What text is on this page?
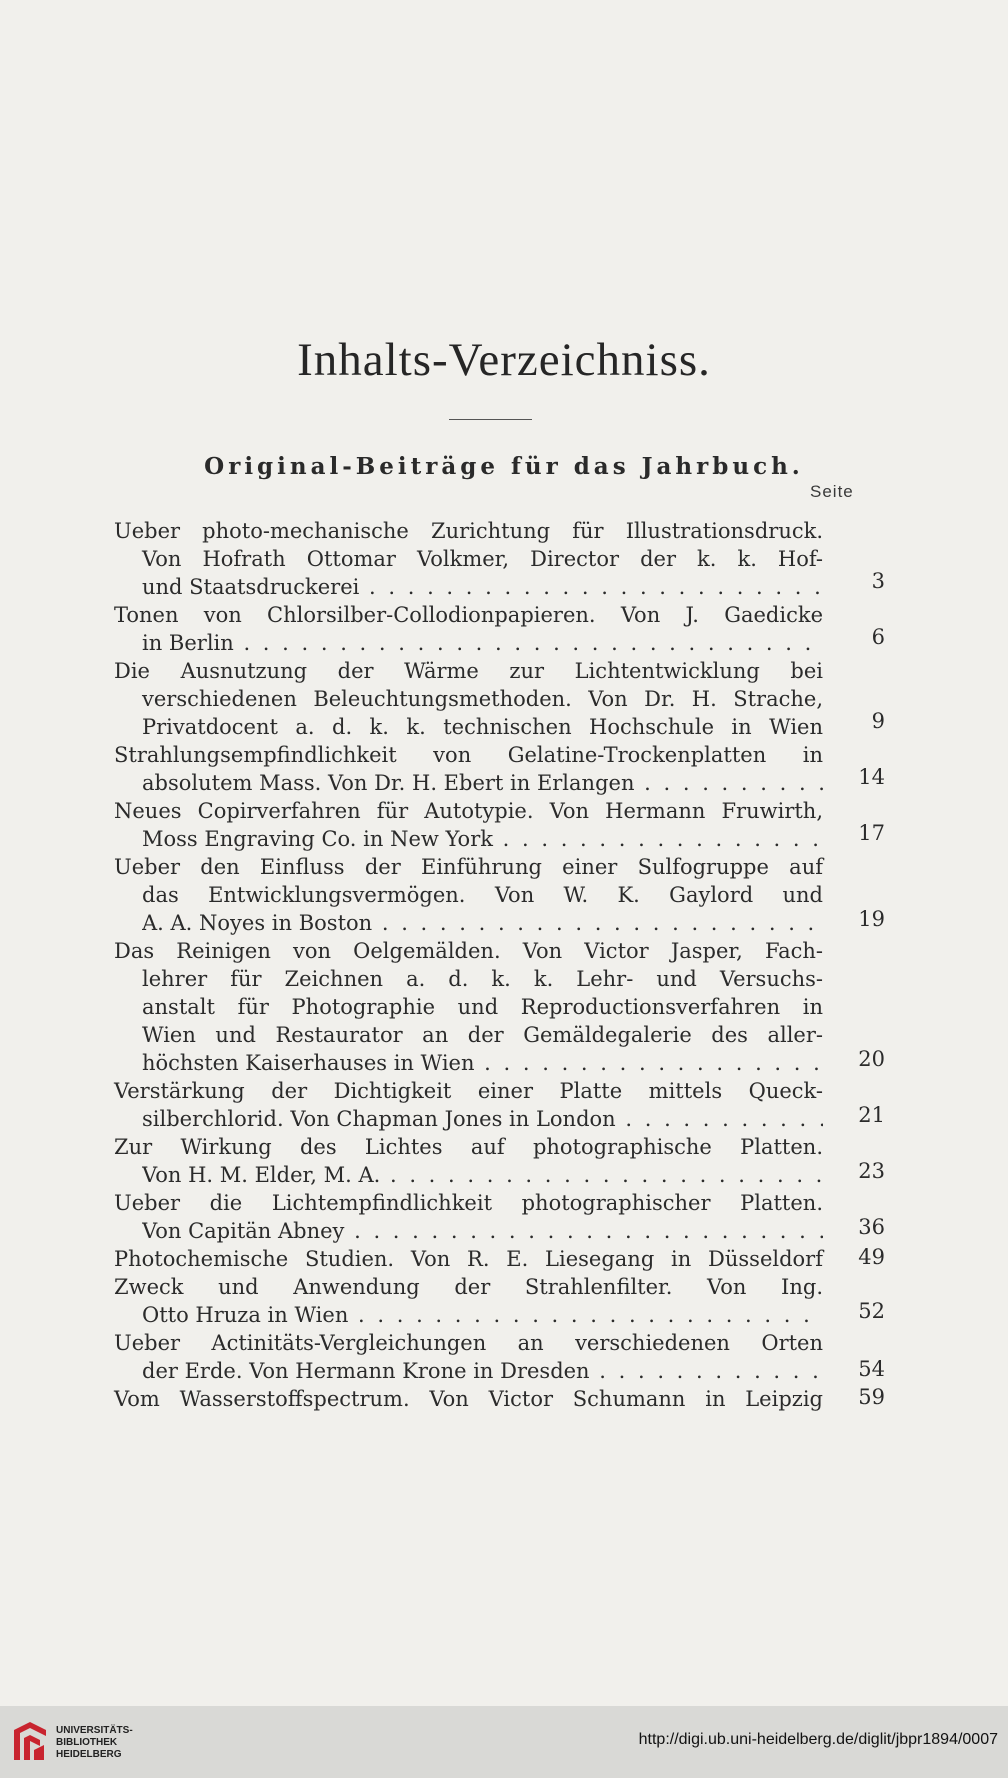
Inhalts-Verzeichniss.
Original-Beiträge für das Jahrbuch.
Seite
Ueber photo-mechanische Zurichtung für Illustrationsdruck.
Von Hofrath Ottomar Volkmer, Director der k. k. Hof-
und Staatsdruckerei . . .
Tonen von Chlorsilber-Collodionpapieren. Von J. Gaedicke
in Berlin . . .
Die Ausnutzung der Wärme zur Lichtentwicklung bei
verschiedenen Beleuchtungsmethoden. Von Dr. H. Strache,
Privatdocent a. d. k. k. technischen Hochschule in Wien
Strahlungsempfindlichkeit von Gelatine-Trockenplatten in
absolutem Mass. Von Dr. H. Ebert in Erlangen . . .
Neues Copirverfahren für Autotypie. Von Hermann Fruwirth,
Moss Engraving Co. in New York . . .
Ueber den Einfluss der Einführung einer Sulfogruppe auf
das Entwicklungsvermögen. Von W. K. Gaylord und
A. A. Noyes in Boston . . .
Das Reinigen von Oelgemälden. Von Victor Jasper, Fach-
lehrer für Zeichnen a. d. k. k. Lehr- und Versuchs-
anstalt für Photographie und Reproductionsverfahren in
Wien und Restaurator an der Gemäldegalerie des aller-
höchsten Kaiserhauses in Wien . . .
Verstärkung der Dichtigkeit einer Platte mittels Queck-
silberchlorid. Von Chapman Jones in London . . .
Zur Wirkung des Lichtes auf photographische Platten.
Von H. M. Elder, M. A. . . .
Ueber die Lichtempfindlichkeit photographischer Platten.
Von Capitän Abney . . .
Photochemische Studien. Von R. E. Liesegang in Düsseldorf
Zweck und Anwendung der Strahlenfilter. Von Ing.
Otto Hruza in Wien . . .
Ueber Actinitäts-Vergleichungen an verschiedenen Orten
der Erde. Von Hermann Krone in Dresden . . .
Vom Wasserstoffspectrum. Von Victor Schumann in Leipzig
3
6
9
14
17
19
20
21
23
36
49
52
54
59
UNIVERSITÄTS-
BIBLIOTHEK
HEIDELBERG
http://digi.ub.uni-heidelberg.de/diglit/jbpr1894/0007
